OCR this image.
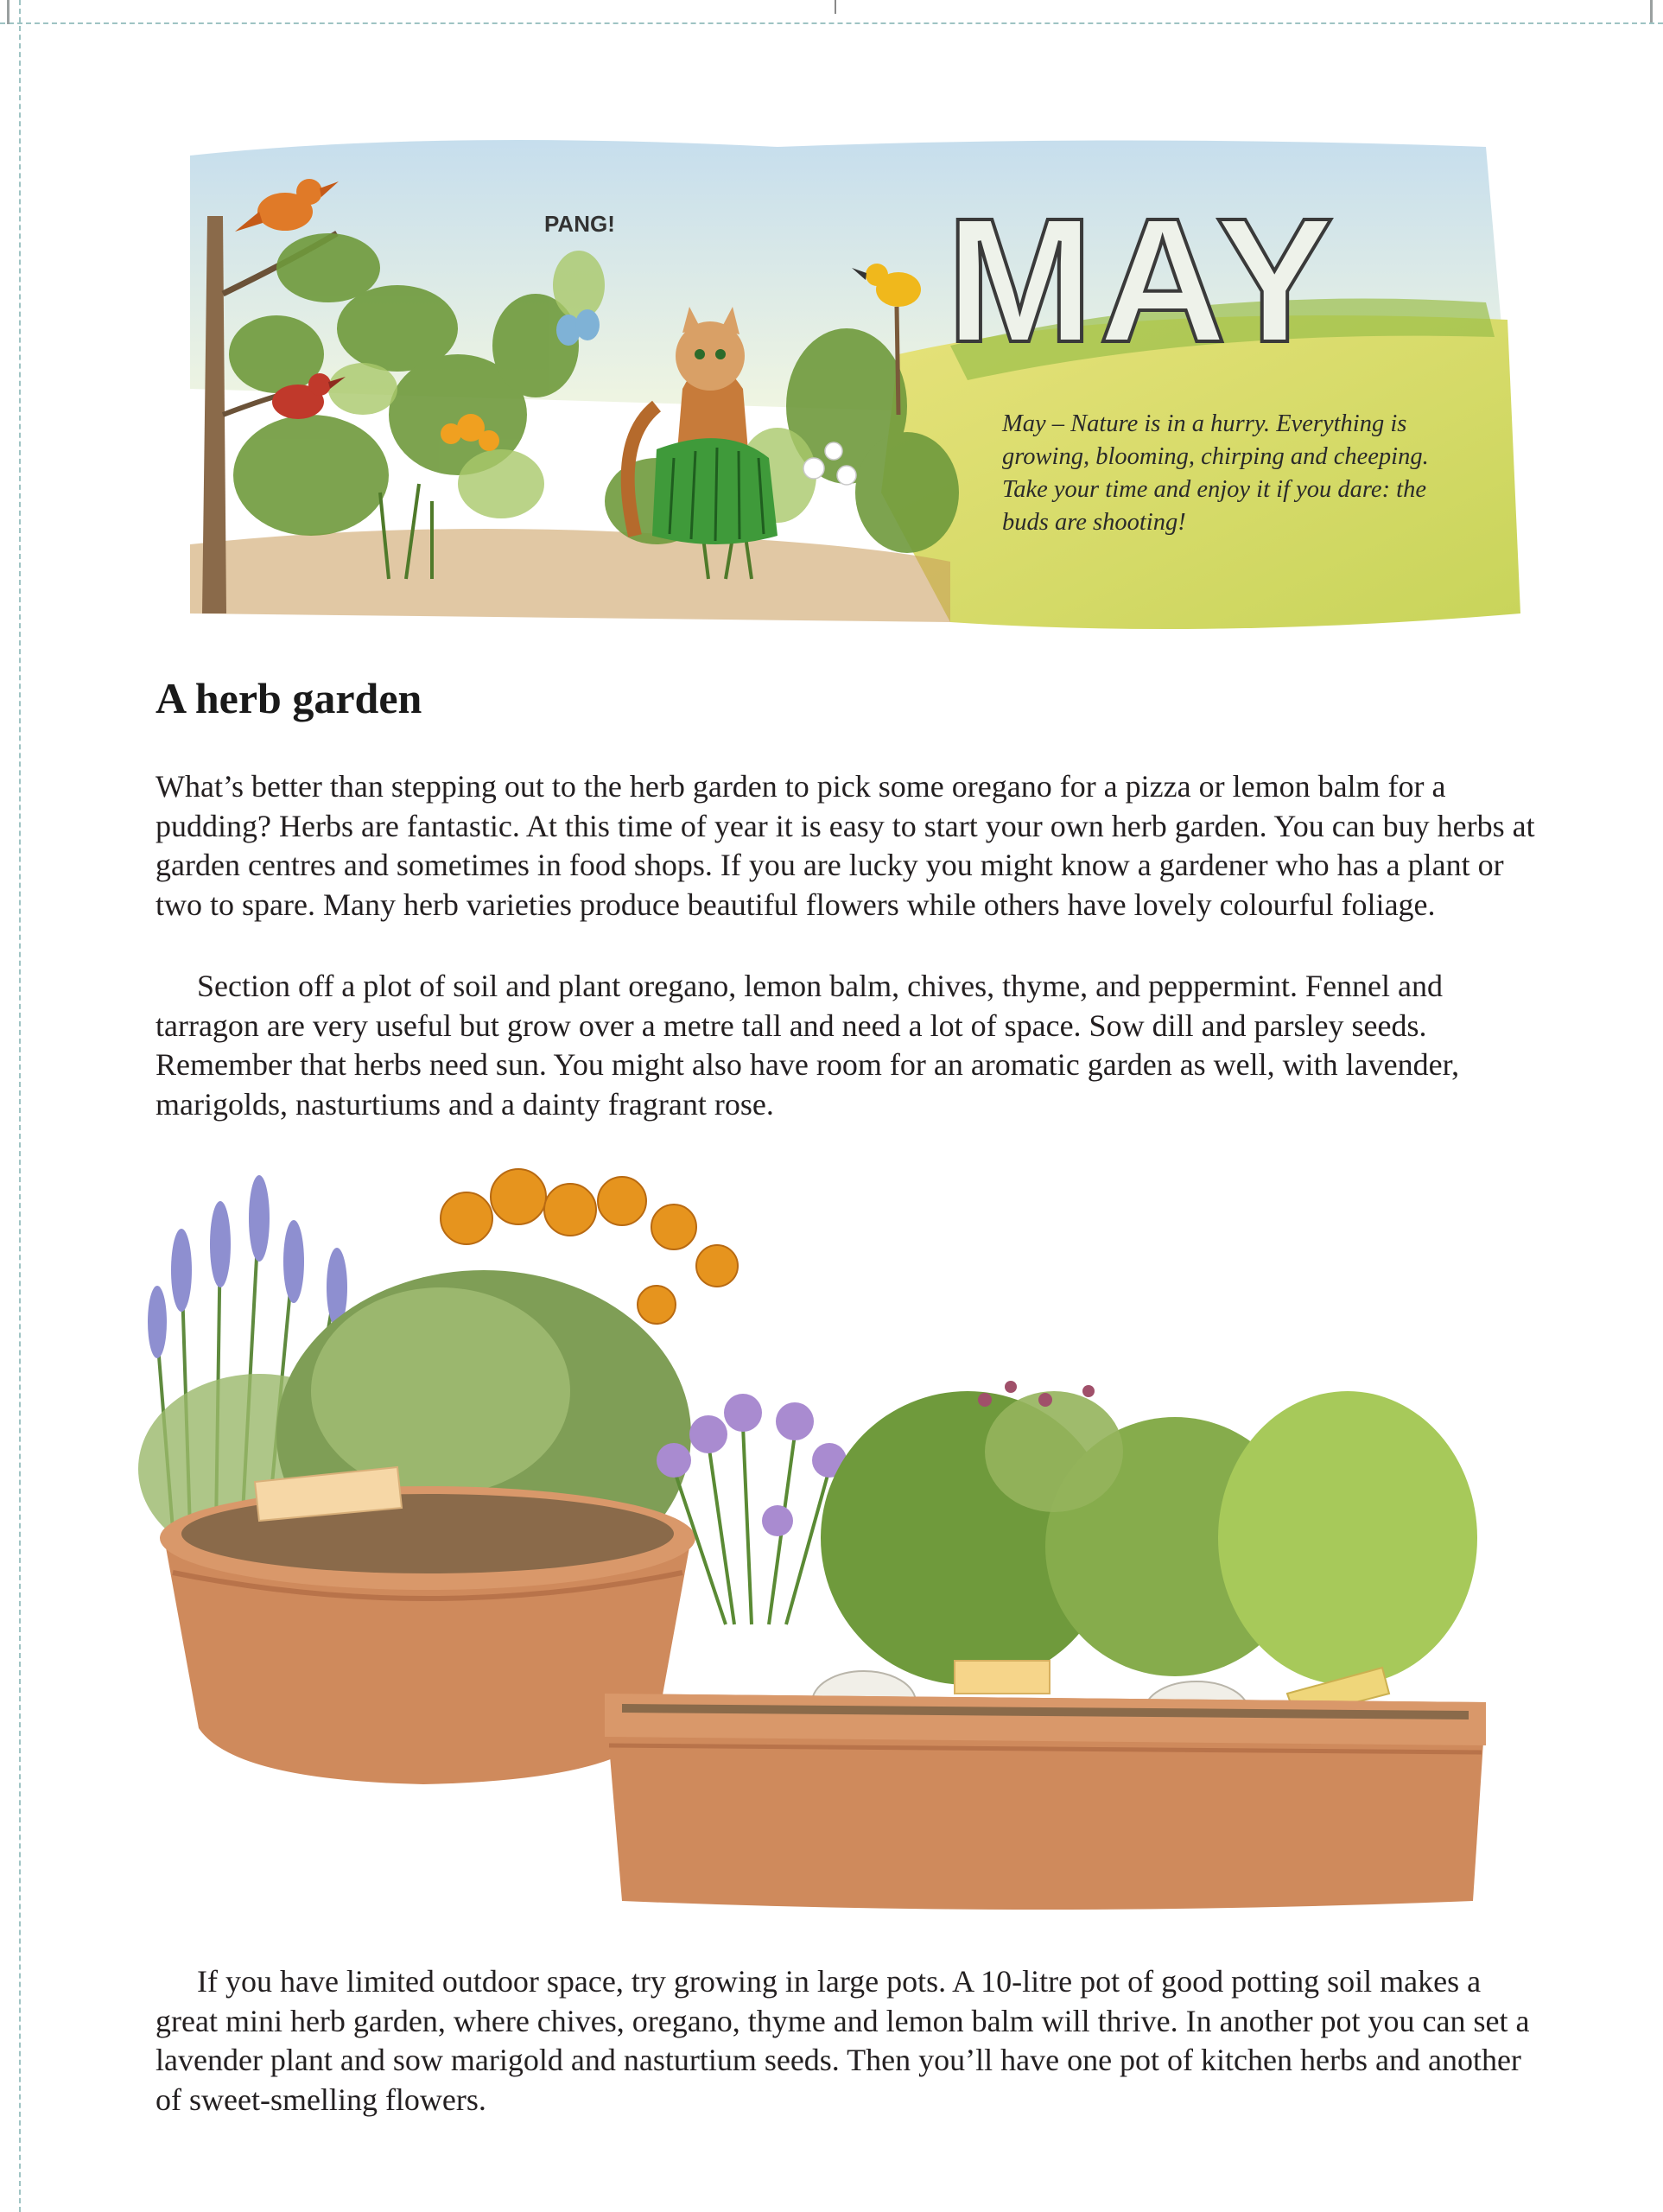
PANG! MAY

May – Nature is in a hurry. Everything is growing, blooming, chirping and cheeping. Take your time and enjoy it if you dare: the buds are shooting!

A herb garden

What’s better than stepping out to the herb garden to pick some oregano for a pizza or lemon balm for a pudding? Herbs are fantastic. At this time of year it is easy to start your own herb garden. You can buy herbs at garden centres and sometimes in food shops. If you are lucky you might know a gardener who has a plant or two to spare. Many herb varieties produce beautiful flowers while others have lovely colourful foliage.

Section off a plot of soil and plant oregano, lemon balm, chives, thyme, and peppermint. Fennel and tarragon are very useful but grow over a metre tall and need a lot of space. Sow dill and parsley seeds. Remember that herbs need sun. You might also have room for an aromatic garden as well, with lavender, marigolds, nasturtiums and a dainty fragrant rose.

If you have limited outdoor space, try growing in large pots. A 10-litre pot of good potting soil makes a great mini herb garden, where chives, oregano, thyme and lemon balm will thrive. In another pot you can set a lavender plant and sow marigold and nasturtium seeds. Then you’ll have one pot of kitchen herbs and another of sweet-smelling flowers.
